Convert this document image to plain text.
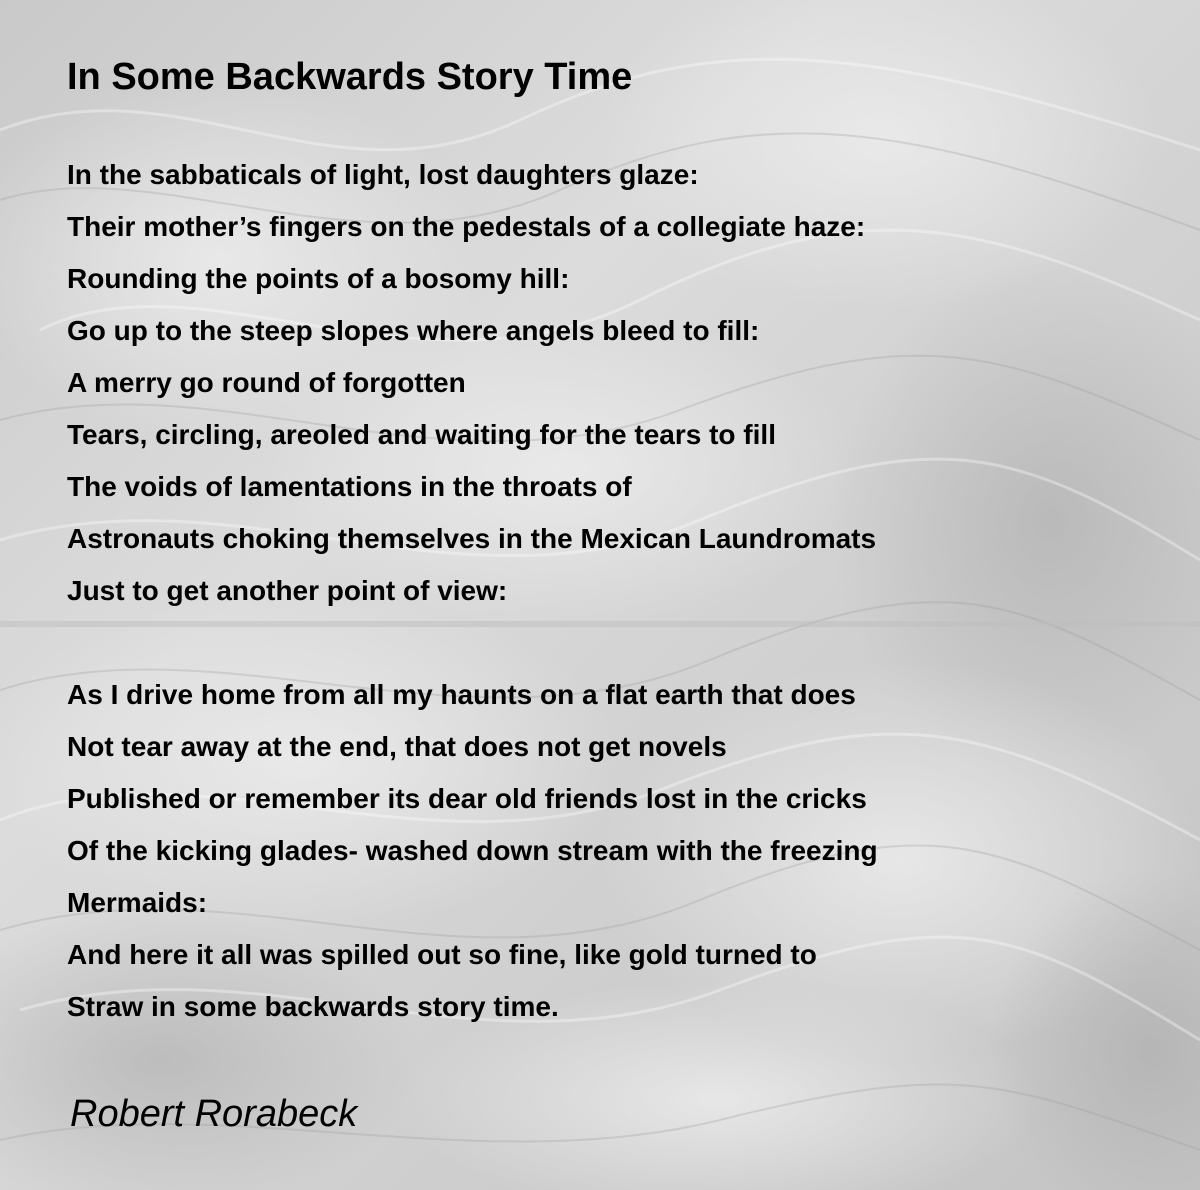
In Some Backwards Story Time
In the sabbaticals of light, lost daughters glaze:
Their mother’s fingers on the pedestals of a collegiate haze:
Rounding the points of a bosomy hill:
Go up to the steep slopes where angels bleed to fill:
A merry go round of forgotten
Tears, circling, areoled and waiting for the tears to fill
The voids of lamentations in the throats of
Astronauts choking themselves in the Mexican Laundromats
Just to get another point of view:
As I drive home from all my haunts on a flat earth that does
Not tear away at the end, that does not get novels
Published or remember its dear old friends lost in the cricks
Of the kicking glades- washed down stream with the freezing
Mermaids:
And here it all was spilled out so fine, like gold turned to
Straw in some backwards story time.

Robert Rorabeck
